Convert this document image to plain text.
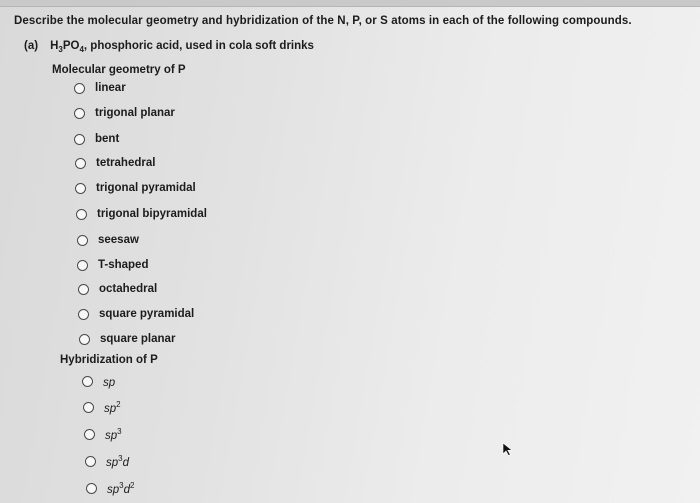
Describe the molecular geometry and hybridization of the N, P, or S atoms in each of the following compounds.
(a) $H_3PO_4$, phosphoric acid, used in cola soft drinks
Molecular geometry of P
linear
trigonal planar
bent
tetrahedral
trigonal pyramidal
trigonal bipyramidal
seesaw
T-shaped
octahedral
square pyramidal
square planar
Hybridization of P
sp
$sp^2$
$sp^3$
$sp^3d$
$sp^3d^2$
